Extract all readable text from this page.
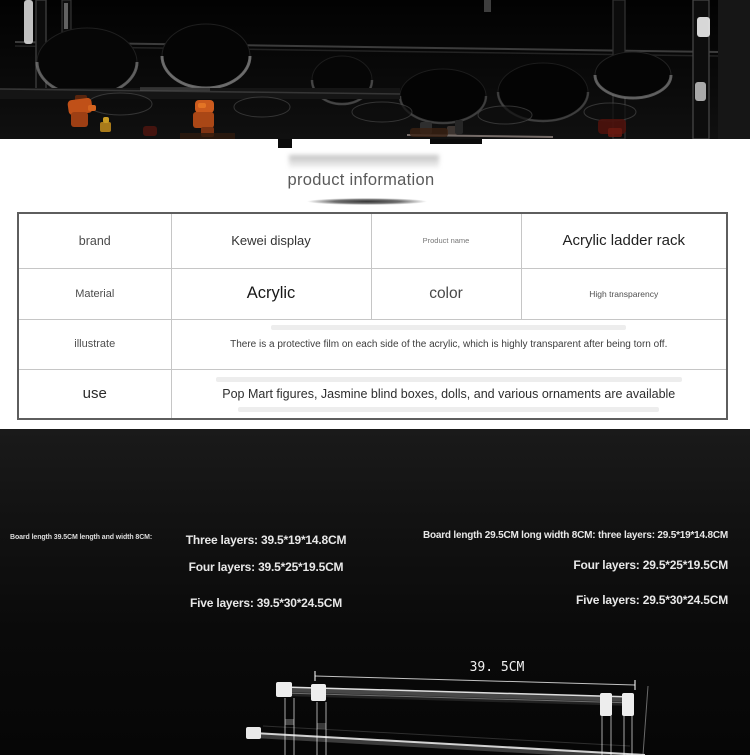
product information
brand	Kewei display	Product name	Acrylic ladder rack
Material	Acrylic	color	High transparency
illustrate	There is a protective film on each side of the acrylic, which is highly transparent after being torn off.		
use	Pop Mart figures, Jasmine blind boxes, dolls, and various ornaments are available		
Board length 39.5CM length and width 8CM:	Three layers: 39.5*19*14.8CM
Four layers: 39.5*25*19.5CM
Five layers: 39.5*30*24.5CM
Board length 29.5CM long width 8CM: three layers: 29.5*19*14.8CM
Four layers: 29.5*25*19.5CM
Five layers: 29.5*30*24.5CM
39. 5CM
